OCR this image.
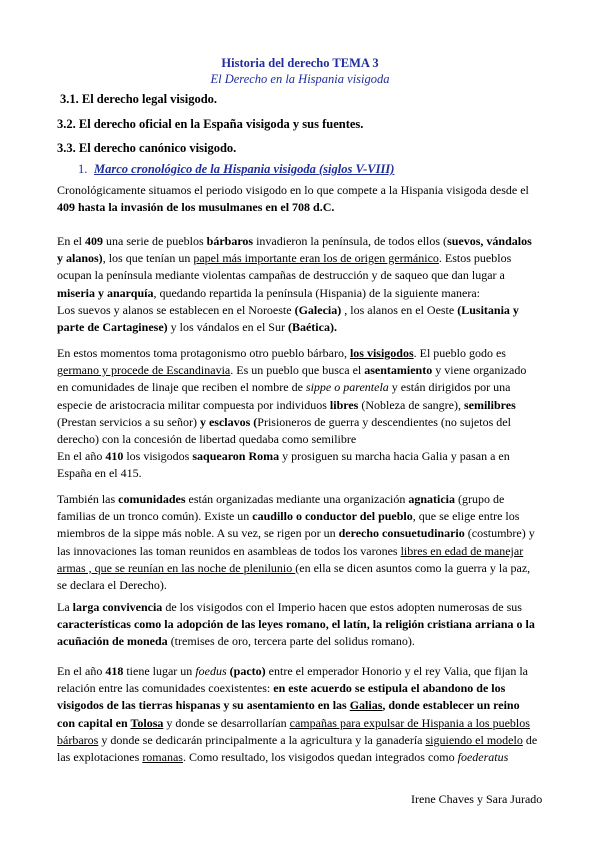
Historia del derecho TEMA 3
El Derecho en la Hispania visigoda
3.1. El derecho legal visigodo.
3.2. El derecho oficial en la España visigoda y sus fuentes.
3.3. El derecho canónico visigodo.
1. Marco cronológico de la Hispania visigoda (siglos V-VIII)
Cronológicamente situamos el periodo visigodo en lo que compete a la Hispania visigoda desde el
409 hasta la invasión de los musulmanes en el 708 d.C.
En el 409 una serie de pueblos bárbaros invadieron la península, de todos ellos (suevos, vándalos
y alanos), los que tenían un papel más importante eran los de origen germánico. Estos pueblos
ocupan la península mediante violentas campañas de destrucción y de saqueo que dan lugar a
miseria y anarquía, quedando repartida la península (Hispania) de la siguiente manera:
Los suevos y alanos se establecen en el Noroeste (Galecia) , los alanos en el Oeste (Lusitania y
parte de Cartaginese) y los vándalos en el Sur (Baética).
En estos momentos toma protagonismo otro pueblo bárbaro, los visigodos. El pueblo godo es
germano y procede de Escandinavia. Es un pueblo que busca el asentamiento y viene organizado
en comunidades de linaje que reciben el nombre de sippe o parentela y están dirigidos por una
especie de aristocracia militar compuesta por individuos libres (Nobleza de sangre), semilibres
(Prestan servicios a su señor) y esclavos (Prisioneros de guerra y descendientes (no sujetos del
derecho) con la concesión de libertad quedaba como semilibre
En el año 410 los visigodos saquearon Roma y prosiguen su marcha hacia Galia y pasan a en
España en el 415.
También las comunidades están organizadas mediante una organización agnaticia (grupo de
familias de un tronco común). Existe un caudillo o conductor del pueblo, que se elige entre los
miembros de la sippe más noble. A su vez, se rigen por un derecho consuetudinario (costumbre) y
las innovaciones las toman reunidos en asambleas de todos los varones libres en edad de manejar
armas , que se reunían en las noche de plenilunio (en ella se dicen asuntos como la guerra y la paz,
se declara el Derecho).
La larga convivencia de los visigodos con el Imperio hacen que estos adopten numerosas de sus
características como la adopción de las leyes romano, el latín, la religión cristiana arriana o la
acuñación de moneda (tremises de oro, tercera parte del solidus romano).
En el año 418 tiene lugar un foedus (pacto) entre el emperador Honorio y el rey Valia, que fijan la
relación entre las comunidades coexistentes: en este acuerdo se estipula el abandono de los
visigodos de las tierras hispanas y su asentamiento en las Galias, donde establecer un reino
con capital en Tolosa y donde se desarrollarían campañas para expulsar de Hispania a los pueblos
bárbaros y donde se dedicarán principalmente a la agricultura y la ganadería siguiendo el modelo de
las explotaciones romanas. Como resultado, los visigodos quedan integrados como foederatus
Irene Chaves y Sara Jurado
